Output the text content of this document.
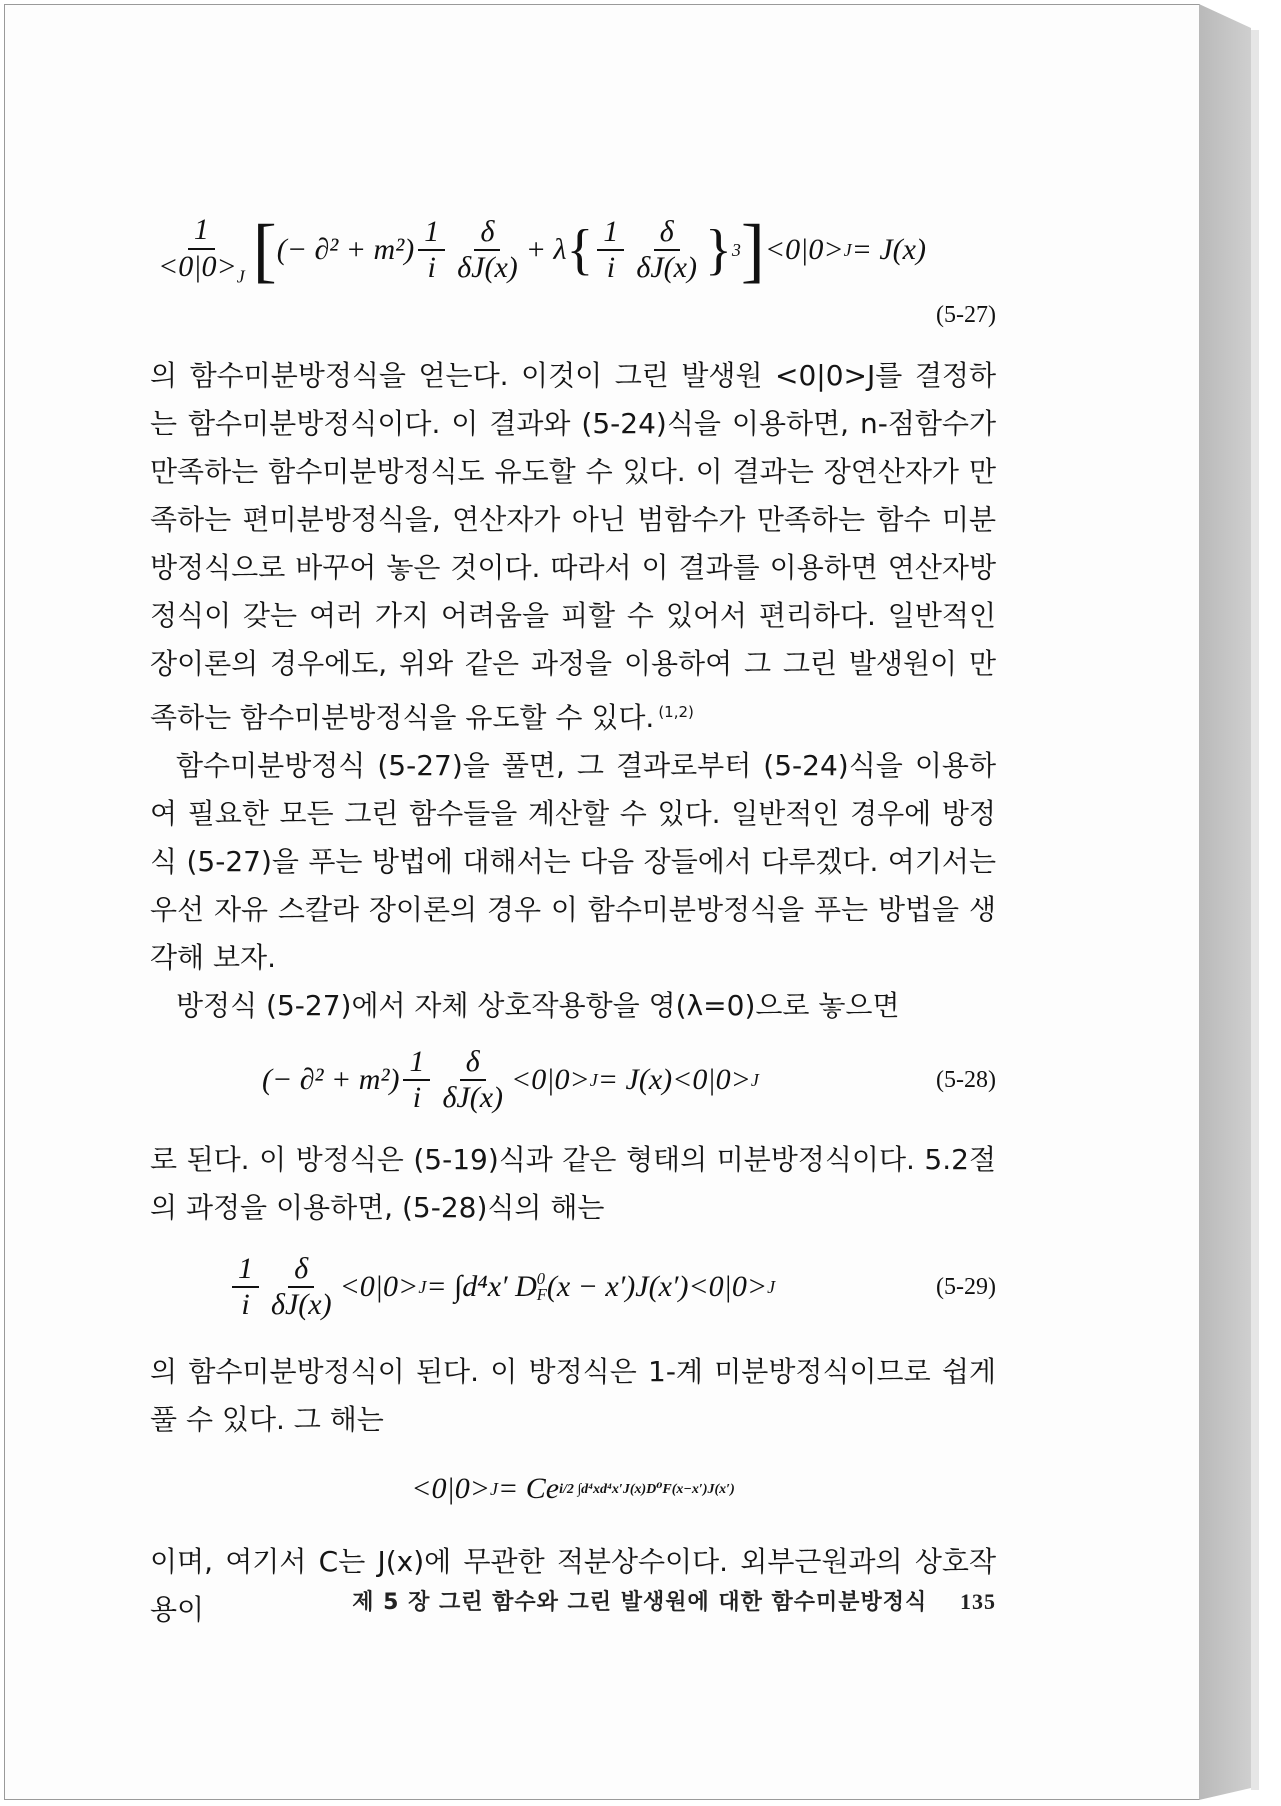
$\frac{1}{<0|0>_J}$ [ (− $\partial^2 + m^2) \frac{1}{i} \frac{\delta}{\delta J(x)} + \lambda$ { $\frac{1}{i} \frac{\delta}{\delta J(x)}$ } 3 ] <0|0> J = J(x)
(5-27)

의 함수미분방정식을 얻는다. 이것이 그린 발생원 <0|0>J를 결정하는 함수미분방정식이다. 이 결과와 (5-24)식을 이용하면, n-점함수가 만족하는 함수미분방정식도 유도할 수 있다. 이 결과는 장연산자가 만족하는 편미분방정식을, 연산자가 아닌 범함수가 만족하는 함수 미분방정식으로 바꾸어 놓은 것이다. 따라서 이 결과를 이용하면 연산자방정식이 갖는 여러 가지 어려움을 피할 수 있어서 편리하다. 일반적인 장이론의 경우에도, 위와 같은 과정을 이용하여 그 그린 발생원이 만족하는 함수미분방정식을 유도할 수 있다. $^{(1,2)}$

함수미분방정식 (5-27)을 풀면, 그 결과로부터 (5-24)식을 이용하여 필요한 모든 그린 함수들을 계산할 수 있다. 일반적인 경우에 방정식 (5-27)을 푸는 방법에 대해서는 다음 장들에서 다루겠다. 여기서는 우선 자유 스칼라 장이론의 경우 이 함수미분방정식을 푸는 방법을 생각해 보자.

방정식 (5-27)에서 자체 상호작용항을 영(λ=0)으로 놓으면

(− $\partial^2 + m^2) \frac{1}{i} \frac{\delta}{\delta J(x)} <0|0> J = J(x)<0|0> J$	(5-28)

로 된다. 이 방정식은 (5-19)식과 같은 형태의 미분방정식이다. 5.2절의 과정을 이용하면, (5-28)식의 해는

$\frac{1}{i} \frac{\delta}{\delta J(x)} <0|0> J = \int d^4x'$ D 0
F (x − x′)J(x′)<0|0> J	(5-29)

의 함수미분방정식이 된다. 이 방정식은 1-계 미분방정식이므로 쉽게 풀 수 있다. 그 해는

<0|0> J = Ce i/2 ∫d⁴xd⁴x′J(x)D⁰F(x−x′)J(x′)

이며, 여기서 C는 J(x)에 무관한 적분상수이다. 외부근원과의 상호작용이	제 5 장 그린 함수와 그린 발생원에 대한 함수미분방정식 135
